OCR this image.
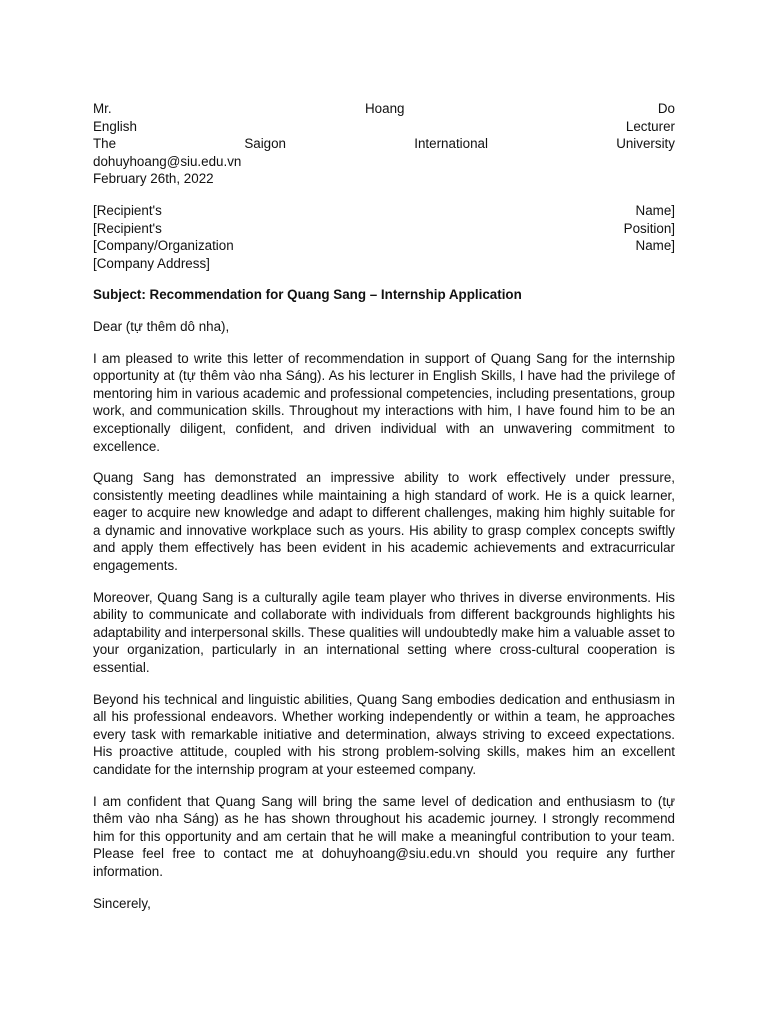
Mr.	Hoang	Do
English	Lecturer
The	Saigon	International	University
dohuyhoang@siu.edu.vn
February 26th, 2022
[Recipient's	Name]
[Recipient's	Position]
[Company/Organization	Name]
[Company Address]
Subject: Recommendation for Quang Sang – Internship Application
Dear (tự thêm dô nha),
I am pleased to write this letter of recommendation in support of Quang Sang for the internship opportunity at (tự thêm vào nha Sáng). As his lecturer in English Skills, I have had the privilege of mentoring him in various academic and professional competencies, including presentations, group work, and communication skills. Throughout my interactions with him, I have found him to be an exceptionally diligent, confident, and driven individual with an unwavering commitment to excellence.
Quang Sang has demonstrated an impressive ability to work effectively under pressure, consistently meeting deadlines while maintaining a high standard of work. He is a quick learner, eager to acquire new knowledge and adapt to different challenges, making him highly suitable for a dynamic and innovative workplace such as yours. His ability to grasp complex concepts swiftly and apply them effectively has been evident in his academic achievements and extracurricular engagements.
Moreover, Quang Sang is a culturally agile team player who thrives in diverse environments. His ability to communicate and collaborate with individuals from different backgrounds highlights his adaptability and interpersonal skills. These qualities will undoubtedly make him a valuable asset to your organization, particularly in an international setting where cross-cultural cooperation is essential.
Beyond his technical and linguistic abilities, Quang Sang embodies dedication and enthusiasm in all his professional endeavors. Whether working independently or within a team, he approaches every task with remarkable initiative and determination, always striving to exceed expectations. His proactive attitude, coupled with his strong problem-solving skills, makes him an excellent candidate for the internship program at your esteemed company.
I am confident that Quang Sang will bring the same level of dedication and enthusiasm to (tự thêm vào nha Sáng) as he has shown throughout his academic journey. I strongly recommend him for this opportunity and am certain that he will make a meaningful contribution to your team. Please feel free to contact me at dohuyhoang@siu.edu.vn should you require any further information.
Sincerely,
